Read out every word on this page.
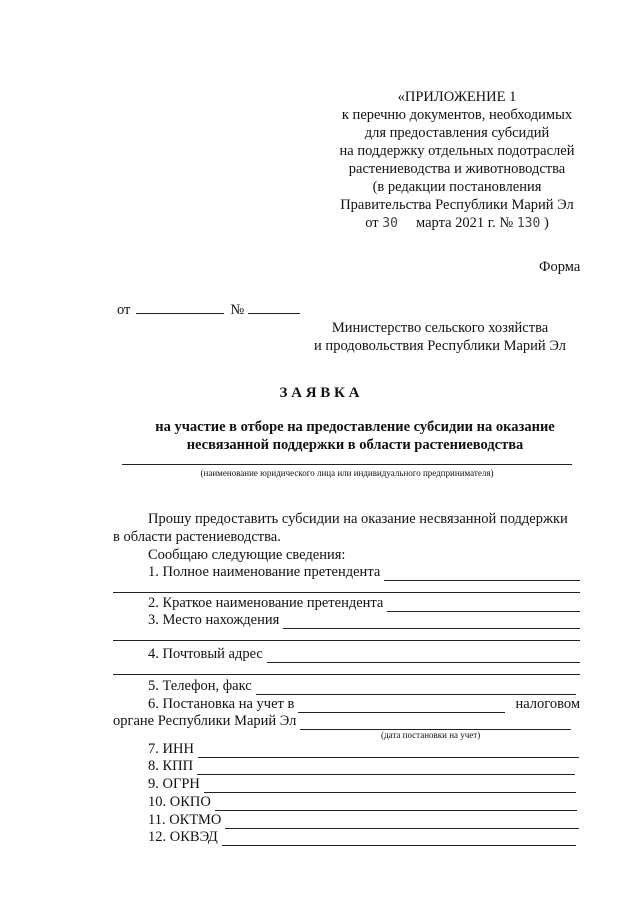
«ПРИЛОЖЕНИЕ 1
к перечню документов, необходимых
для предоставления субсидий
на поддержку отдельных подотраслей
растениеводства и животноводства
(в редакции постановления
Правительства Республики Марий Эл
от 30 марта 2021 г. № 130 )
Форма
от	№
Министерство сельского хозяйства
и продовольствия Республики Марий Эл
З А Я В К А
на участие в отборе на предоставление субсидии на оказание
несвязанной поддержки в области растениеводства
(наименование юридического лица или индивидуального предпринимателя)
Прошу предоставить субсидии на оказание несвязанной поддержки
в области растениеводства.
Сообщаю следующие сведения:
1. Полное наименование претендента
2. Краткое наименование претендента
3. Место нахождения
4. Почтовый адрес
5. Телефон, факс
6. Постановка на учет в	налоговом
органе Республики Марий Эл
(дата постановки на учет)
7. ИНН
8. КПП
9. ОГРН
10. ОКПО
11. ОКТМО
12. ОКВЭД
